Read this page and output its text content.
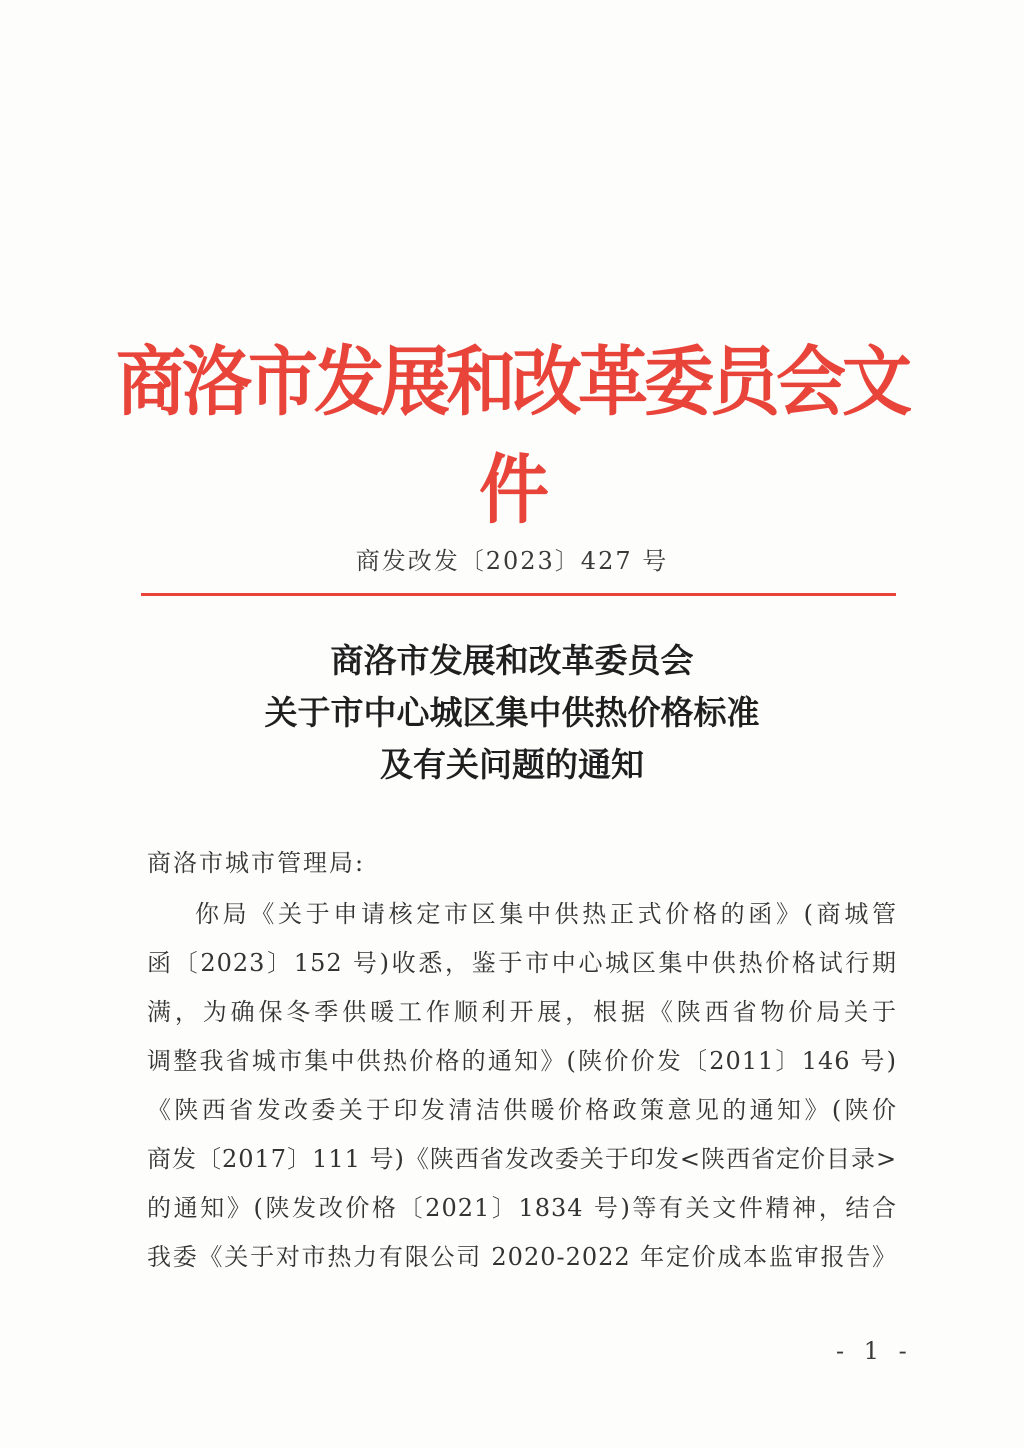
商洛市发展和改革委员会文件
商发改发〔2023〕427 号
商洛市发展和改革委员会
关于市中心城区集中供热价格标准
及有关问题的通知
商洛市城市管理局:
你局《关于申请核定市区集中供热正式价格的函》(商城管
函〔2023〕152 号)收悉，鉴于市中心城区集中供热价格试行期
满，为确保冬季供暖工作顺利开展，根据《陕西省物价局关于
调整我省城市集中供热价格的通知》(陕价价发〔2011〕146 号)
《陕西省发改委关于印发清洁供暖价格政策意见的通知》(陕价
商发〔2017〕111 号)《陕西省发改委关于印发<陕西省定价目录>
的通知》(陕发改价格〔2021〕1834 号)等有关文件精神，结合
我委《关于对市热力有限公司 2020-2022 年定价成本监审报告》
- 1 -
